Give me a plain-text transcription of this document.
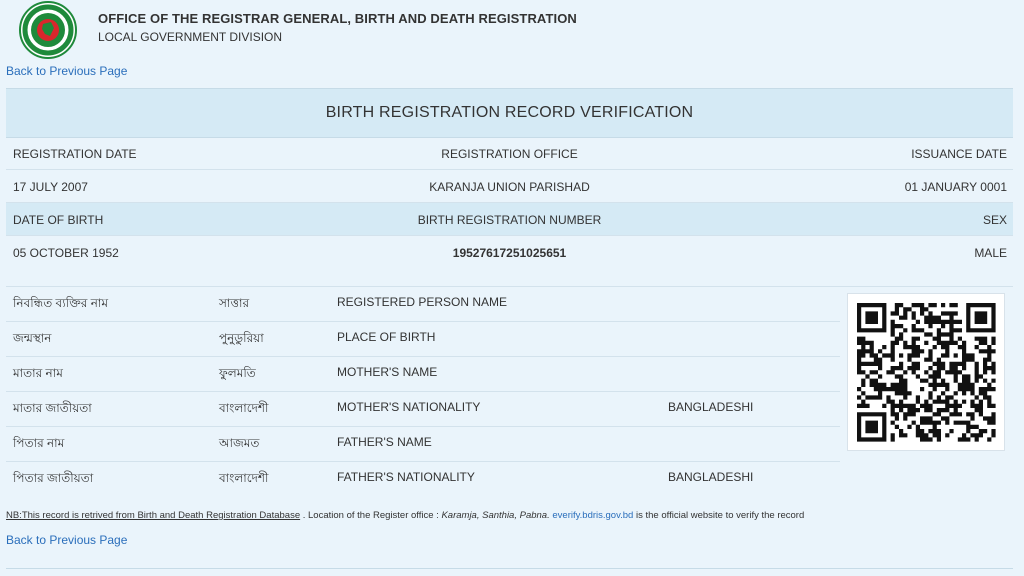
OFFICE OF THE REGISTRAR GENERAL, BIRTH AND DEATH REGISTRATION
LOCAL GOVERNMENT DIVISION
Back to Previous Page
BIRTH REGISTRATION RECORD VERIFICATION
REGISTRATION DATE	REGISTRATION OFFICE	ISSUANCE DATE
17 JULY 2007	KARANJA UNION PARISHAD	01 JANUARY 0001
DATE OF BIRTH	BIRTH REGISTRATION NUMBER	SEX
05 OCTOBER 1952	19527617251025651	MALE
নিবন্ধিত ব্যক্তির নাম	সাত্তার	REGISTERED PERSON NAME
জন্মস্থান	পুনুডুরিয়া	PLACE OF BIRTH
মাতার নাম	ফুলমতি	MOTHER'S NAME
মাতার জাতীয়তা	বাংলাদেশী	MOTHER'S NATIONALITY	BANGLADESHI
পিতার নাম	আজমত	FATHER'S NAME
পিতার জাতীয়তা	বাংলাদেশী	FATHER'S NATIONALITY	BANGLADESHI
NB:This record is retrived from Birth and Death Registration Database . Location of the Register office : Karamja, Santhia, Pabna. everify.bdris.gov.bd is the official website to verify the record
Back to Previous Page
